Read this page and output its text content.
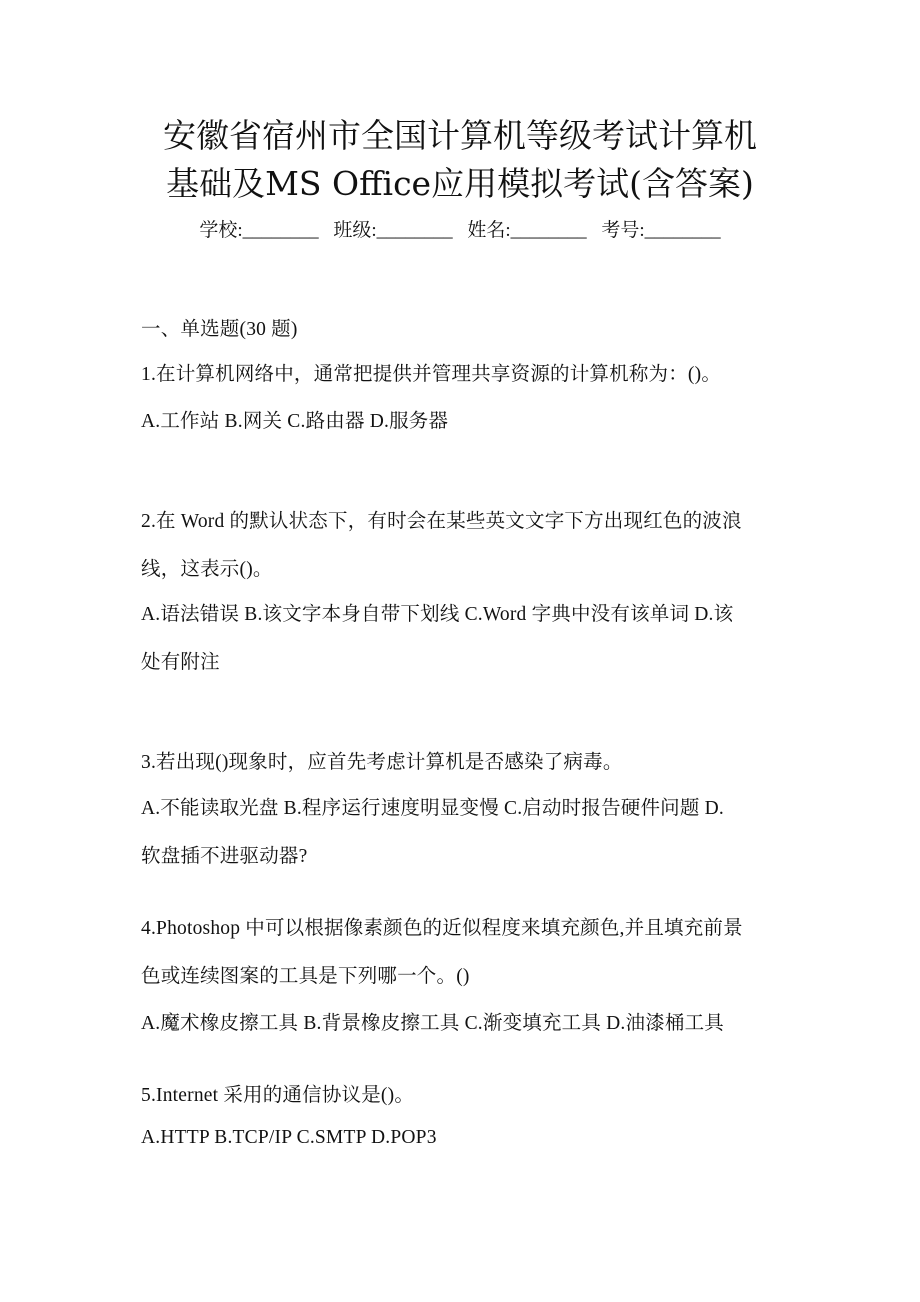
安徽省宿州市全国计算机等级考试计算机
基础及MS Office应用模拟考试(含答案)
学校:________ 班级:________ 姓名:________ 考号:________
一、单选题(30 题)
1.在计算机网络中，通常把提供并管理共享资源的计算机称为：()。
A.工作站 B.网关 C.路由器 D.服务器
2.在 Word 的默认状态下，有时会在某些英文文字下方出现红色的波浪
线，这表示()。
A.语法错误 B.该文字本身自带下划线 C.Word 字典中没有该单词 D.该
处有附注
3.若出现()现象时，应首先考虑计算机是否感染了病毒。
A.不能读取光盘 B.程序运行速度明显变慢 C.启动时报告硬件问题 D.
软盘插不进驱动器?
4.Photoshop 中可以根据像素颜色的近似程度来填充颜色,并且填充前景
色或连续图案的工具是下列哪一个。()
A.魔术橡皮擦工具 B.背景橡皮擦工具 C.渐变填充工具 D.油漆桶工具
5.Internet 采用的通信协议是()。
A.HTTP B.TCP/IP C.SMTP D.POP3
